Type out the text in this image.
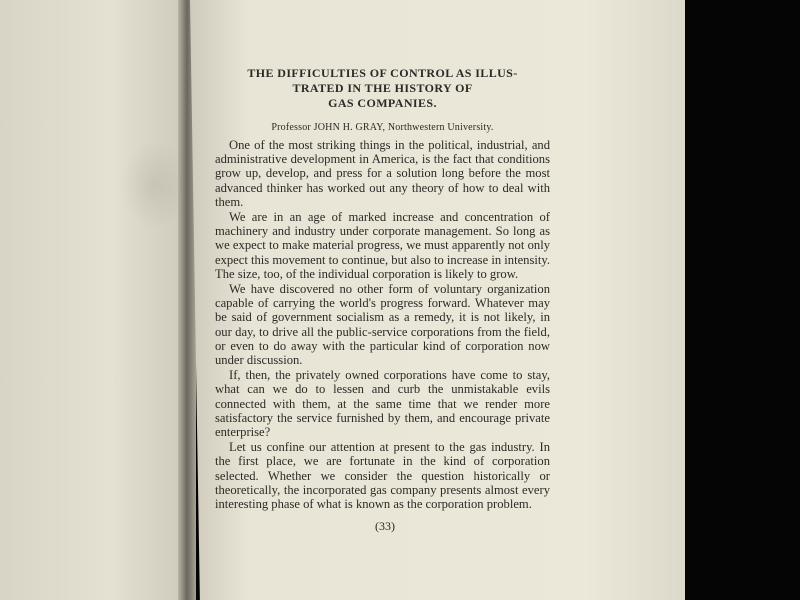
THE DIFFICULTIES OF CONTROL AS ILLUS-
TRATED IN THE HISTORY OF
GAS COMPANIES.
Professor JOHN H. GRAY, Northwestern University.

One of the most striking things in the political, industrial, and administrative development in America, is the fact that conditions grow up, develop, and press for a solution long before the most advanced thinker has worked out any theory of how to deal with them.

We are in an age of marked increase and concentration of machinery and industry under corporate management. So long as we expect to make material progress, we must apparently not only expect this movement to continue, but also to increase in intensity. The size, too, of the individual corporation is likely to grow.

We have discovered no other form of voluntary organization capable of carrying the world's progress forward. Whatever may be said of government socialism as a remedy, it is not likely, in our day, to drive all the public-service corporations from the field, or even to do away with the particular kind of corporation now under discussion.

If, then, the privately owned corporations have come to stay, what can we do to lessen and curb the unmistakable evils connected with them, at the same time that we render more satisfactory the service furnished by them, and encourage private enterprise?

Let us confine our attention at present to the gas industry. In the first place, we are fortunate in the kind of corporation selected. Whether we consider the question historically or theoretically, the incorporated gas company presents almost every interesting phase of what is known as the corporation problem.

(33)
